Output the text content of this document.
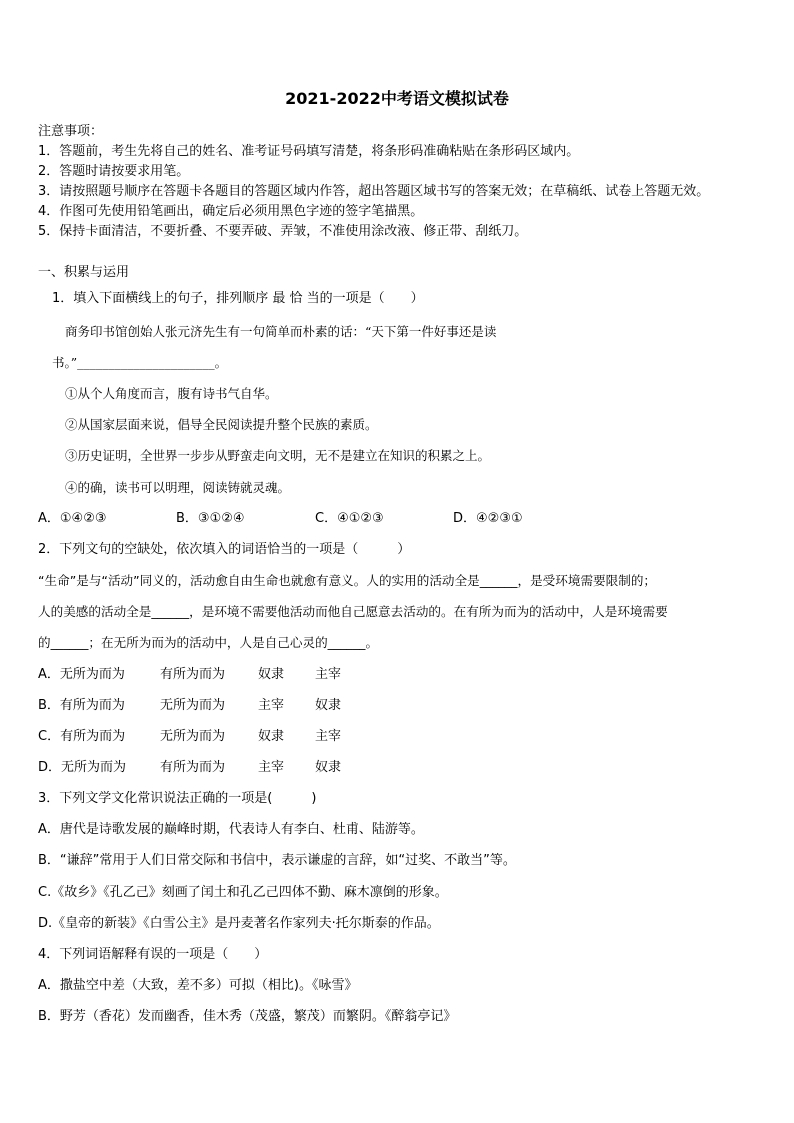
2021-2022中考语文模拟试卷
注意事项：
1．答题前，考生先将自己的姓名、准考证号码填写清楚，将条形码准确粘贴在条形码区域内。
2．答题时请按要求用笔。
3．请按照题号顺序在答题卡各题目的答题区域内作答，超出答题区域书写的答案无效；在草稿纸、试卷上答题无效。
4．作图可先使用铅笔画出，确定后必须用黑色字迹的签字笔描黑。
5．保持卡面清洁，不要折叠、不要弄破、弄皱，不准使用涂改液、修正带、刮纸刀。
一、积累与运用
1．填入下面横线上的句子，排列顺序 最 恰 当的一项是（　　）
商务印书馆创始人张元济先生有一句简单而朴素的话：“天下第一件好事还是读
书。”______________________。
①从个人角度而言，腹有诗书气自华。
②从国家层面来说，倡导全民阅读提升整个民族的素质。
③历史证明，全世界一步步从野蛮走向文明，无不是建立在知识的积累之上。
④的确，读书可以明理，阅读铸就灵魂。
A．①④②③	B．③①②④	C．④①②③	D．④②③①
2．下列文句的空缺处，依次填入的词语恰当的一项是（　　　）
“生命”是与“活动”同义的，活动愈自由生命也就愈有意义。人的实用的活动全是______，是受环境需要限制的；
人的美感的活动全是______，是环境不需要他活动而他自己愿意去活动的。在有所为而为的活动中，人是环境需要
的______；在无所为而为的活动中，人是自己心灵的______。
A．无所为而为	有所为而为	奴隶 主宰
B．有所为而为	无所为而为	主宰 奴隶
C．有所为而为	无所为而为	奴隶 主宰
D．无所为而为	有所为而为	主宰 奴隶
3．下列文学文化常识说法正确的一项是(　　　)
A．唐代是诗歌发展的巅峰时期，代表诗人有李白、杜甫、陆游等。
B．“谦辞”常用于人们日常交际和书信中，表示谦虚的言辞，如“过奖、不敢当”等。
C.《故乡》《孔乙己》刻画了闰土和孔乙己四体不勤、麻木凛倒的形象。
D.《皇帝的新装》《白雪公主》是丹麦著名作家列夫·托尔斯泰的作品。
4．下列词语解释有误的一项是（　　）
A．撒盐空中差（大致，差不多）可拟（相比)。《咏雪》
B．野芳（香花）发而幽香，佳木秀（茂盛，繁茂）而繁阴。《醉翁亭记》
